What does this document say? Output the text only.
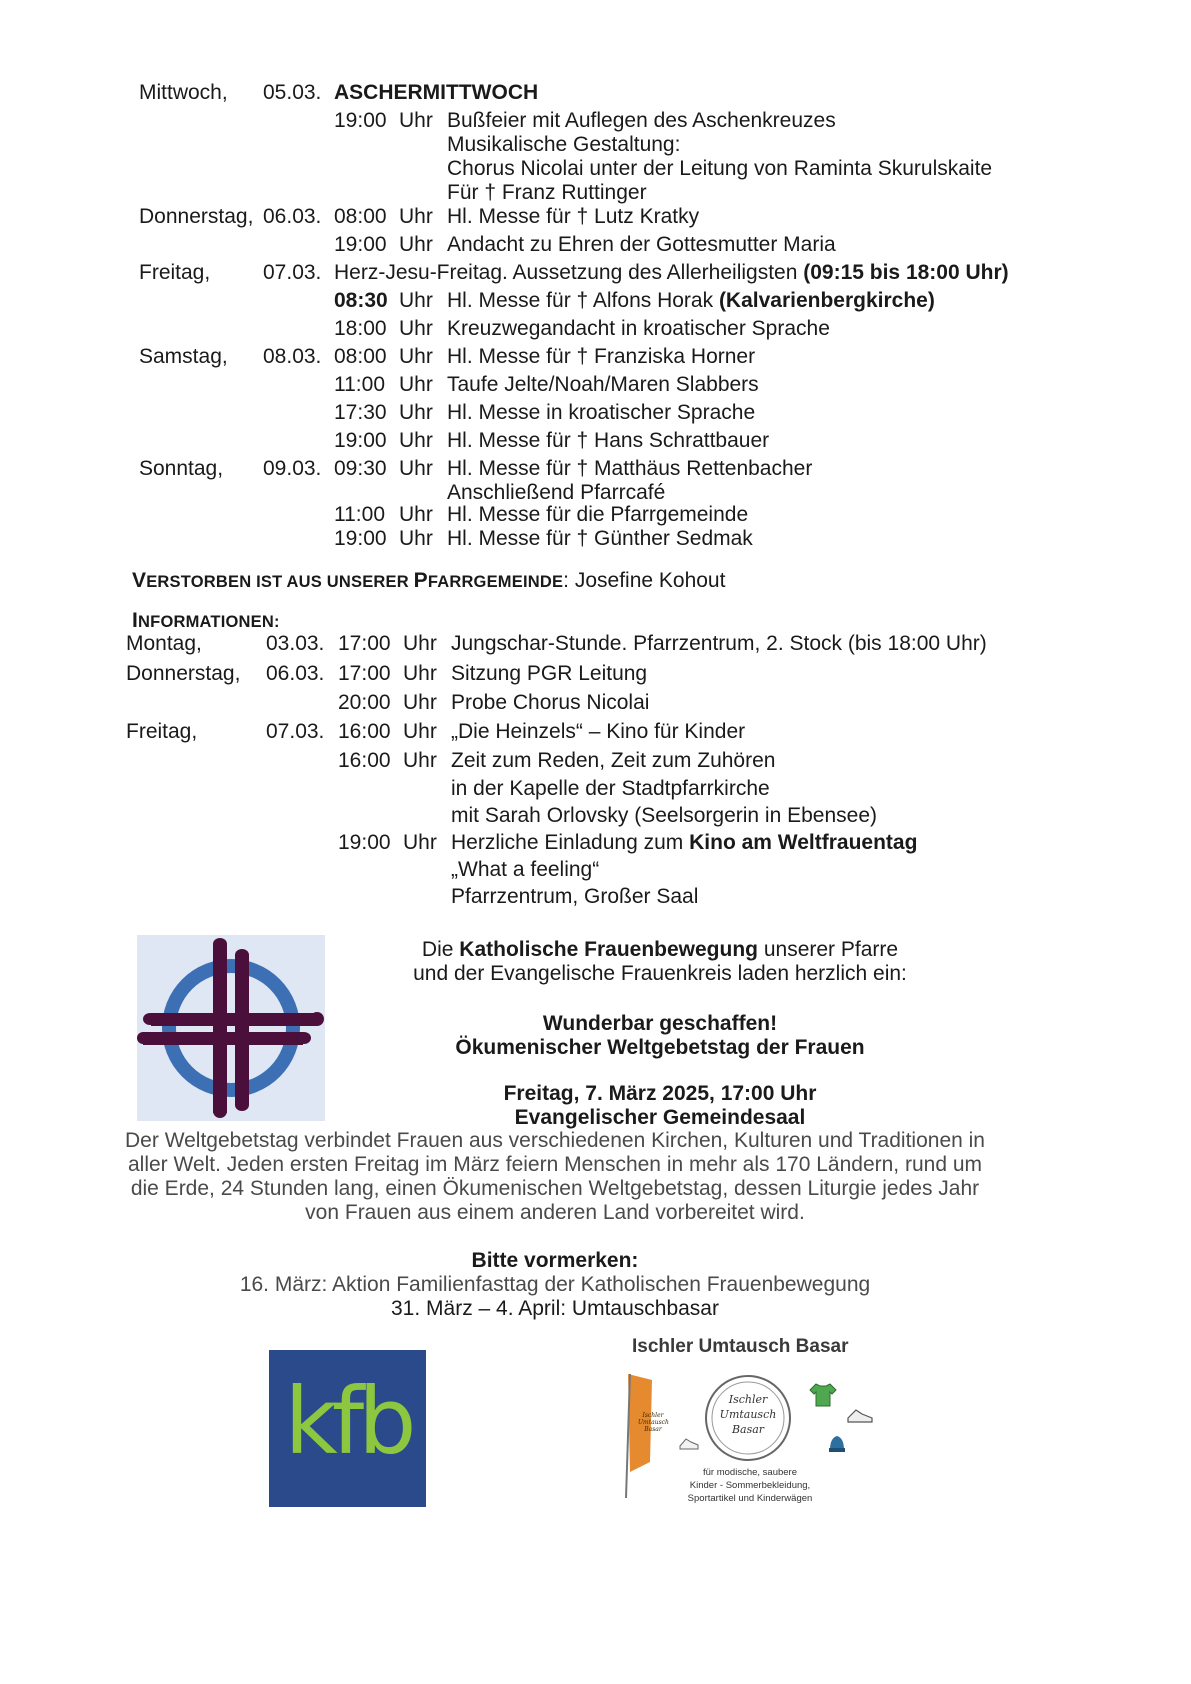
Mittwoch, 05.03. ASCHERMITTWOCH
19:00 Uhr Bußfeier mit Auflegen des Aschenkreuzes
Musikalische Gestaltung:
Chorus Nicolai unter der Leitung von Raminta Skurulskaite
Für † Franz Ruttinger
Donnerstag, 06.03. 08:00 Uhr Hl. Messe für † Lutz Kratky
19:00 Uhr Andacht zu Ehren der Gottesmutter Maria
Freitag,	07.03. Herz-Jesu-Freitag. Aussetzung des Allerheiligsten (09:15 bis 18:00 Uhr)
08:30 Uhr Hl. Messe für † Alfons Horak (Kalvarienbergkirche)
18:00 Uhr Kreuzwegandacht in kroatischer Sprache
Samstag, 08.03. 08:00 Uhr Hl. Messe für † Franziska Horner
11:00 Uhr Taufe Jelte/Noah/Maren Slabbers
17:30 Uhr Hl. Messe in kroatischer Sprache
19:00 Uhr Hl. Messe für † Hans Schrattbauer
Sonntag, 09.03. 09:30 Uhr Hl. Messe für † Matthäus Rettenbacher
Anschließend Pfarrcafé
11:00 Uhr Hl. Messe für die Pfarrgemeinde
19:00 Uhr Hl. Messe für † Günther Sedmak
VERSTORBEN IST AUS UNSERER PFARRGEMEINDE: Josefine Kohout
INFORMATIONEN:
Montag,	03.03. 17:00 Uhr Jungschar-Stunde. Pfarrzentrum, 2. Stock (bis 18:00 Uhr)
Donnerstag, 06.03. 17:00 Uhr Sitzung PGR Leitung
20:00 Uhr Probe Chorus Nicolai
Freitag,	07.03. 16:00 Uhr „Die Heinzels“ – Kino für Kinder
16:00 Uhr Zeit zum Reden, Zeit zum Zuhören
in der Kapelle der Stadtpfarrkirche
mit Sarah Orlovsky (Seelsorgerin in Ebensee)
19:00 Uhr Herzliche Einladung zum Kino am Weltfrauentag
„What a feeling“
Pfarrzentrum, Großer Saal
Die Katholische Frauenbewegung unserer Pfarre
und der Evangelische Frauenkreis laden herzlich ein:
Wunderbar geschaffen!
Ökumenischer Weltgebetstag der Frauen
Freitag, 7. März 2025, 17:00 Uhr
Evangelischer Gemeindesaal
Der Weltgebetstag verbindet Frauen aus verschiedenen Kirchen, Kulturen und Traditionen in
aller Welt. Jeden ersten Freitag im März feiern Menschen in mehr als 170 Ländern, rund um
die Erde, 24 Stunden lang, einen Ökumenischen Weltgebetstag, dessen Liturgie jedes Jahr
von Frauen aus einem anderen Land vorbereitet wird.
Bitte vormerken:
16. März: Aktion Familienfasttag der Katholischen Frauenbewegung
31. März – 4. April: Umtauschbasar
kfb
Ischler Umtausch Basar
Ischler
Umtausch
Basar
Ischler
Umtausch
Basar
für modische, saubere
Kinder - Sommerbekleidung,
Sportartikel und Kinderwägen
